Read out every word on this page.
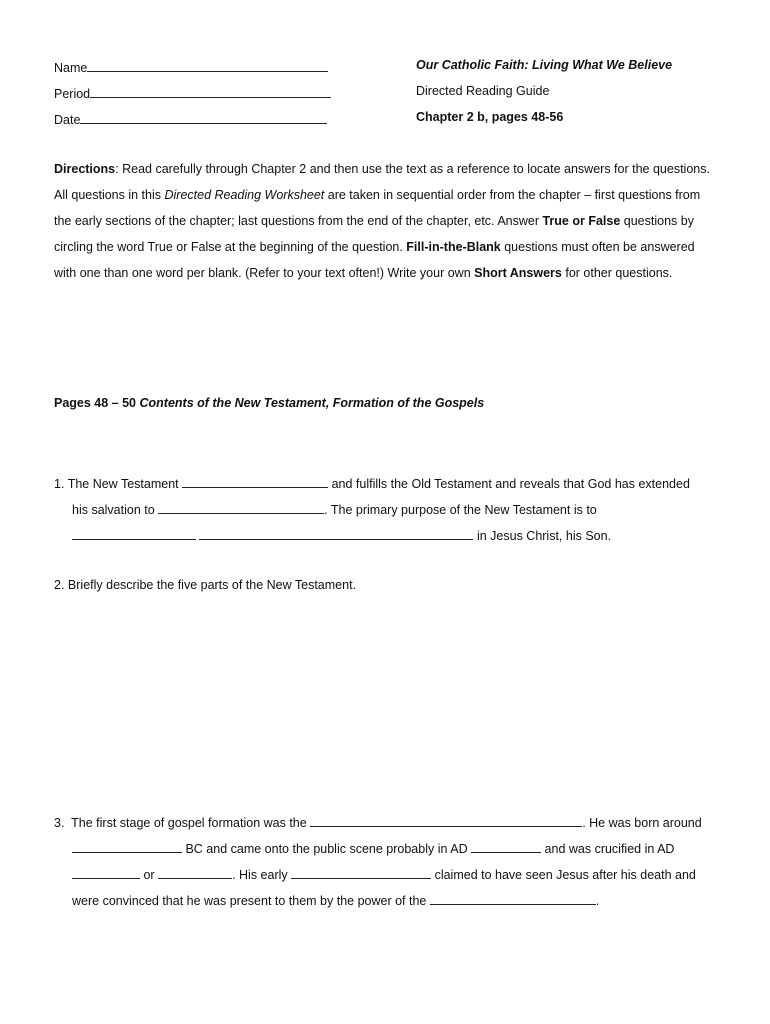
Name
Period
Date
Our Catholic Faith: Living What We Believe
Directed Reading Guide
Chapter 2 b, pages 48-56
Directions: Read carefully through Chapter 2 and then use the text as a reference to locate answers for the questions. All questions in this Directed Reading Worksheet are taken in sequential order from the chapter – first questions from the early sections of the chapter; last questions from the end of the chapter, etc. Answer True or False questions by circling the word True or False at the beginning of the question. Fill-in-the-Blank questions must often be answered with one than one word per blank. (Refer to your text often!) Write your own Short Answers for other questions.
Pages 48 – 50 Contents of the New Testament, Formation of the Gospels
1. The New Testament	and fulfills the Old Testament and reveals that God has extended
his salvation to	. The primary purpose of the New Testament is to
in Jesus Christ, his Son.
2. Briefly describe the five parts of the New Testament.
3. The first stage of gospel formation was the	. He was born around
BC and came onto the public scene probably in AD	and was crucified in AD
or	. His early	claimed to have seen Jesus after his death and
were convinced that he was present to them by the power of the	.
